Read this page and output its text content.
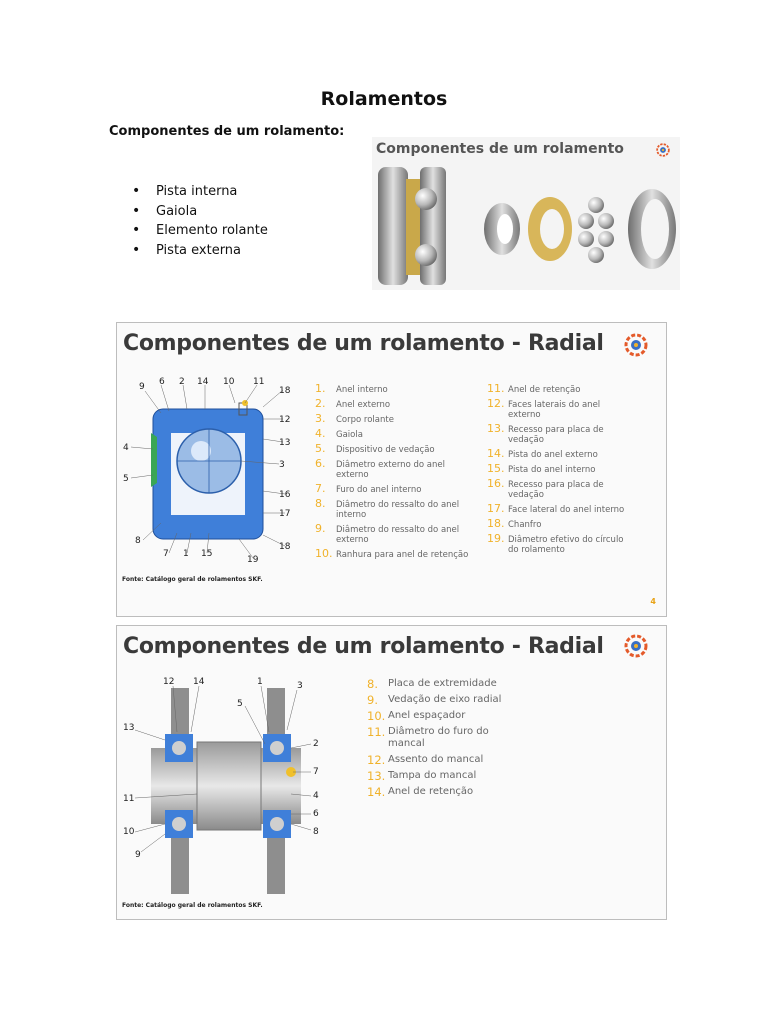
Rolamentos
Componentes de um rolamento:
• Pista interna
• Gaiola
• Elemento rolante
• Pista externa
Componentes de um rolamento
Componentes de um rolamento - Radial
9 6 2 14 10 11
18
12
13
3
4
5
16
17
8
7 1 15
19
18
1. Anel interno
2. Anel externo
3. Corpo rolante
4. Gaiola
5. Dispositivo de vedação
6. Diâmetro externo do anel externo
7. Furo do anel interno
8. Diâmetro do ressalto do anel interno
9. Diâmetro do ressalto do anel externo
10. Ranhura para anel de retenção
11. Anel de retenção
12. Faces laterais do anel externo
13. Recesso para placa de vedação
14. Pista do anel externo
15. Pista do anel interno
16. Recesso para placa de vedação
17. Face lateral do anel interno
18. Chanfro
19. Diâmetro efetivo do círculo do rolamento
Fonte: Catálogo geral de rolamentos SKF.
4
Componentes de um rolamento - Radial
12 14	1	3
13
5
2
7
4
11
6
8
10
9
8. Placa de extremidade
9. Vedação de eixo radial
10. Anel espaçador
11. Diâmetro do furo do mancal
12. Assento do mancal
13. Tampa do mancal
14. Anel de retenção
Fonte: Catálogo geral de rolamentos SKF.
